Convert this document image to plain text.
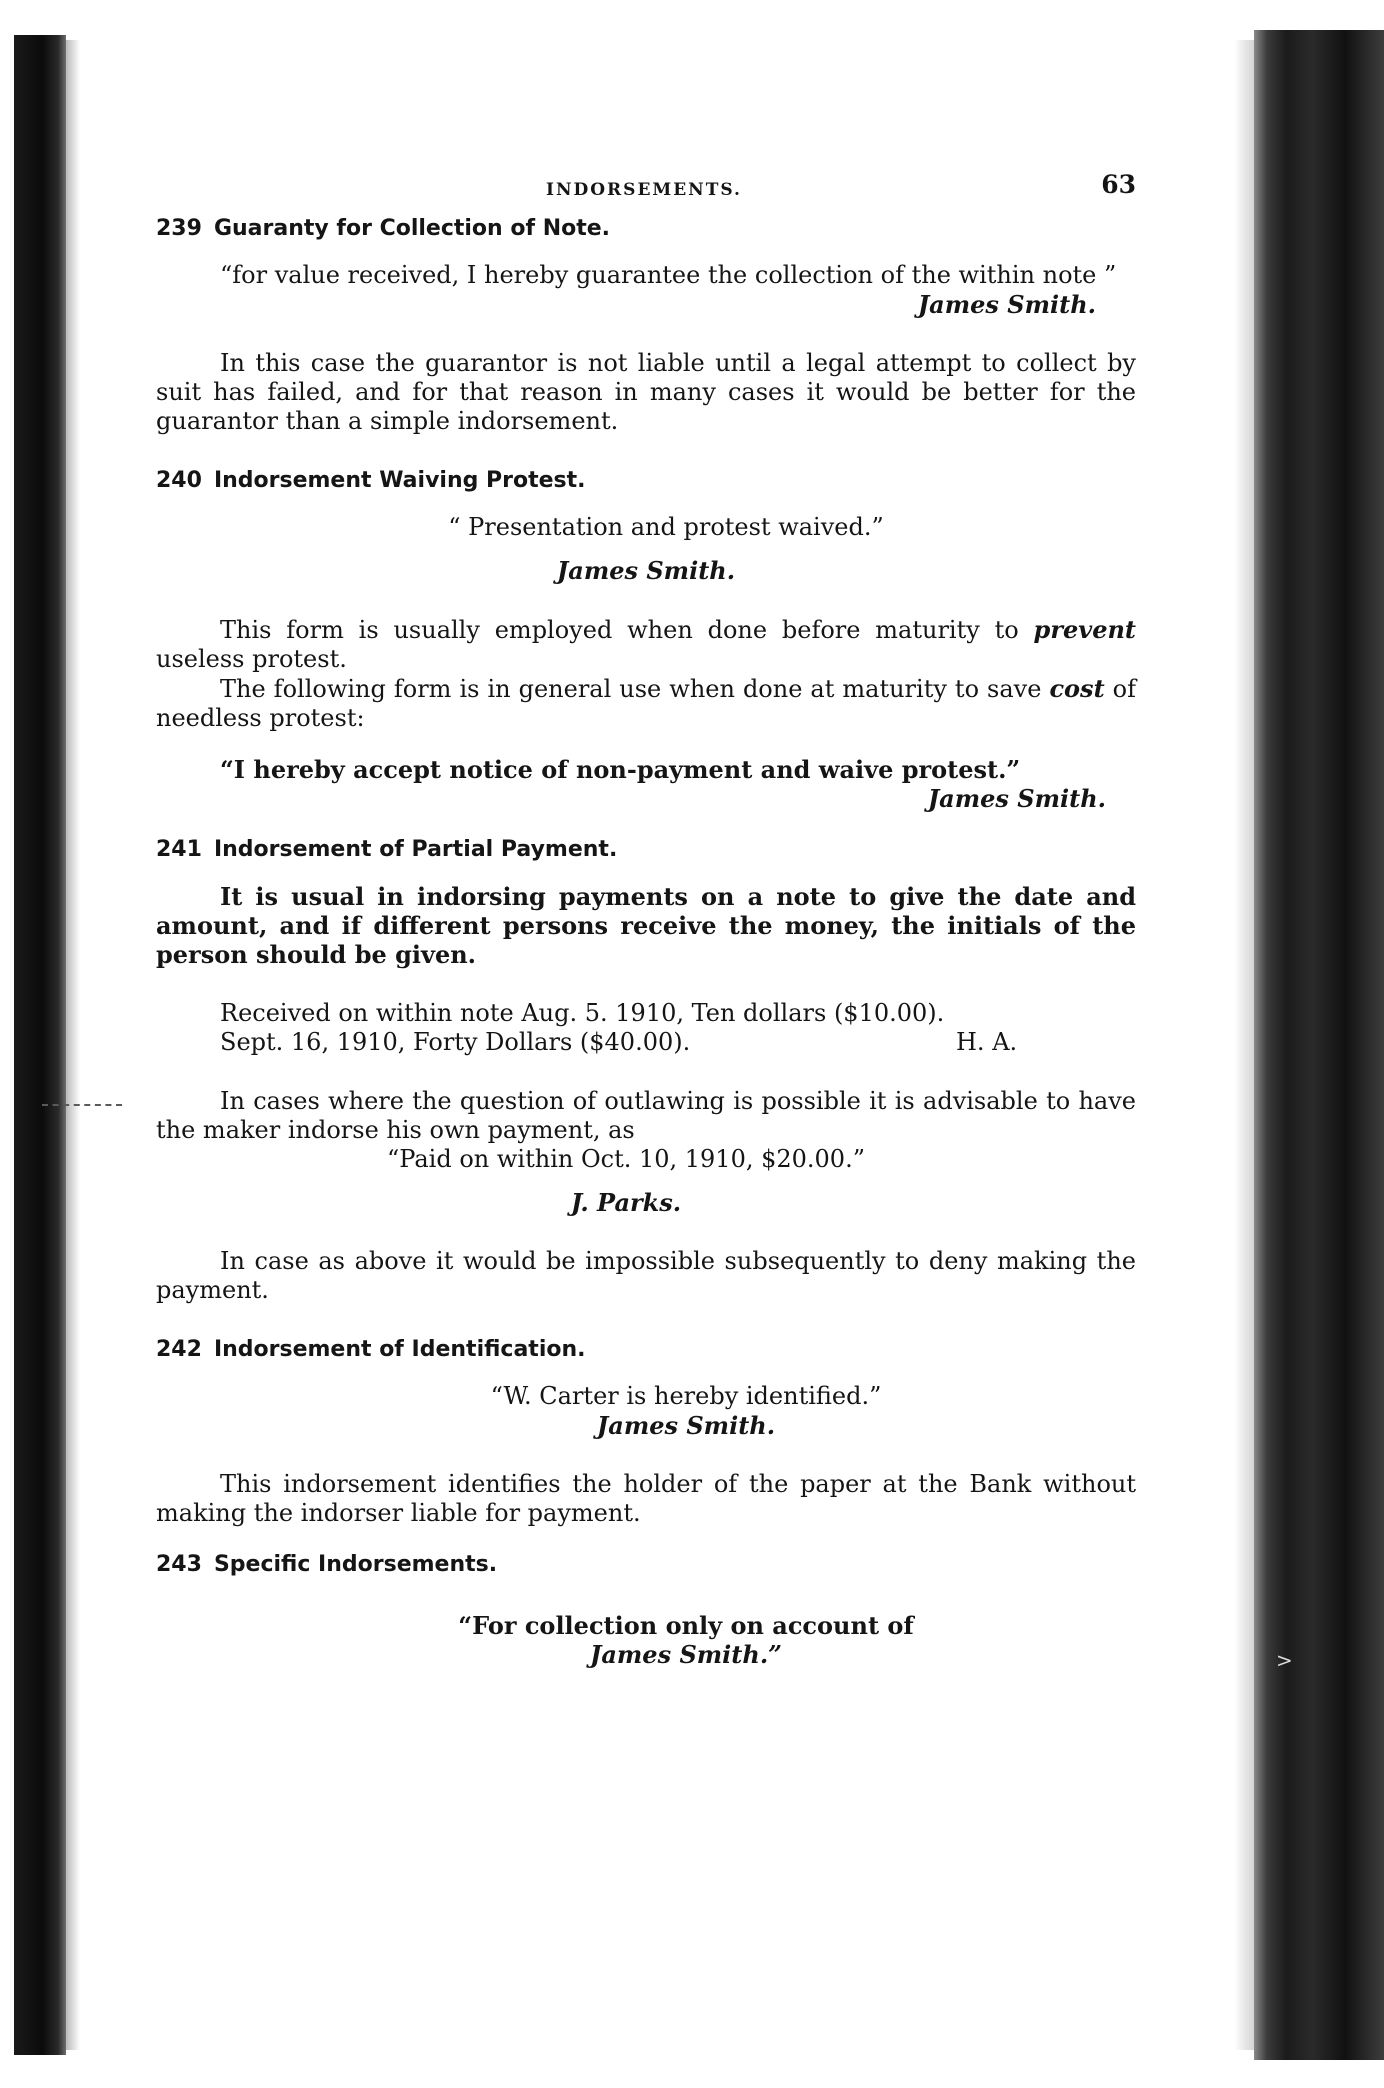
>
INDORSEMENTS.	63
239 Guaranty for Collection of Note.

“for value received, I hereby guarantee the collection of the within note ”

James Smith.

In this case the guarantor is not liable until a legal attempt to collect by suit has failed, and for that reason in many cases it would be better for the guarantor than a simple indorsement.

240 Indorsement Waiving Protest.

“ Presentation and protest waived.”

James Smith.

This form is usually employed when done before maturity to prevent useless protest.

The following form is in general use when done at maturity to save cost of needless protest:

“I hereby accept notice of non-payment and waive protest.”

James Smith.

241 Indorsement of Partial Payment.

It is usual in indorsing payments on a note to give the date and amount, and if different persons receive the money, the initials of the person should be given.

Received on within note Aug. 5. 1910, Ten dollars ($10.00).

Sept. 16, 1910, Forty Dollars ($40.00).	H. A.

In cases where the question of outlawing is possible it is advisable to have the maker indorse his own payment, as

“Paid on within Oct. 10, 1910, $20.00.”

J. Parks.

In case as above it would be impossible subsequently to deny making the payment.

242 Indorsement of Identification.

“W. Carter is hereby identified.”

James Smith.

This indorsement identifies the holder of the paper at the Bank without making the indorser liable for payment.

243 Specific Indorsements.

“For collection only on account of

James Smith.”
